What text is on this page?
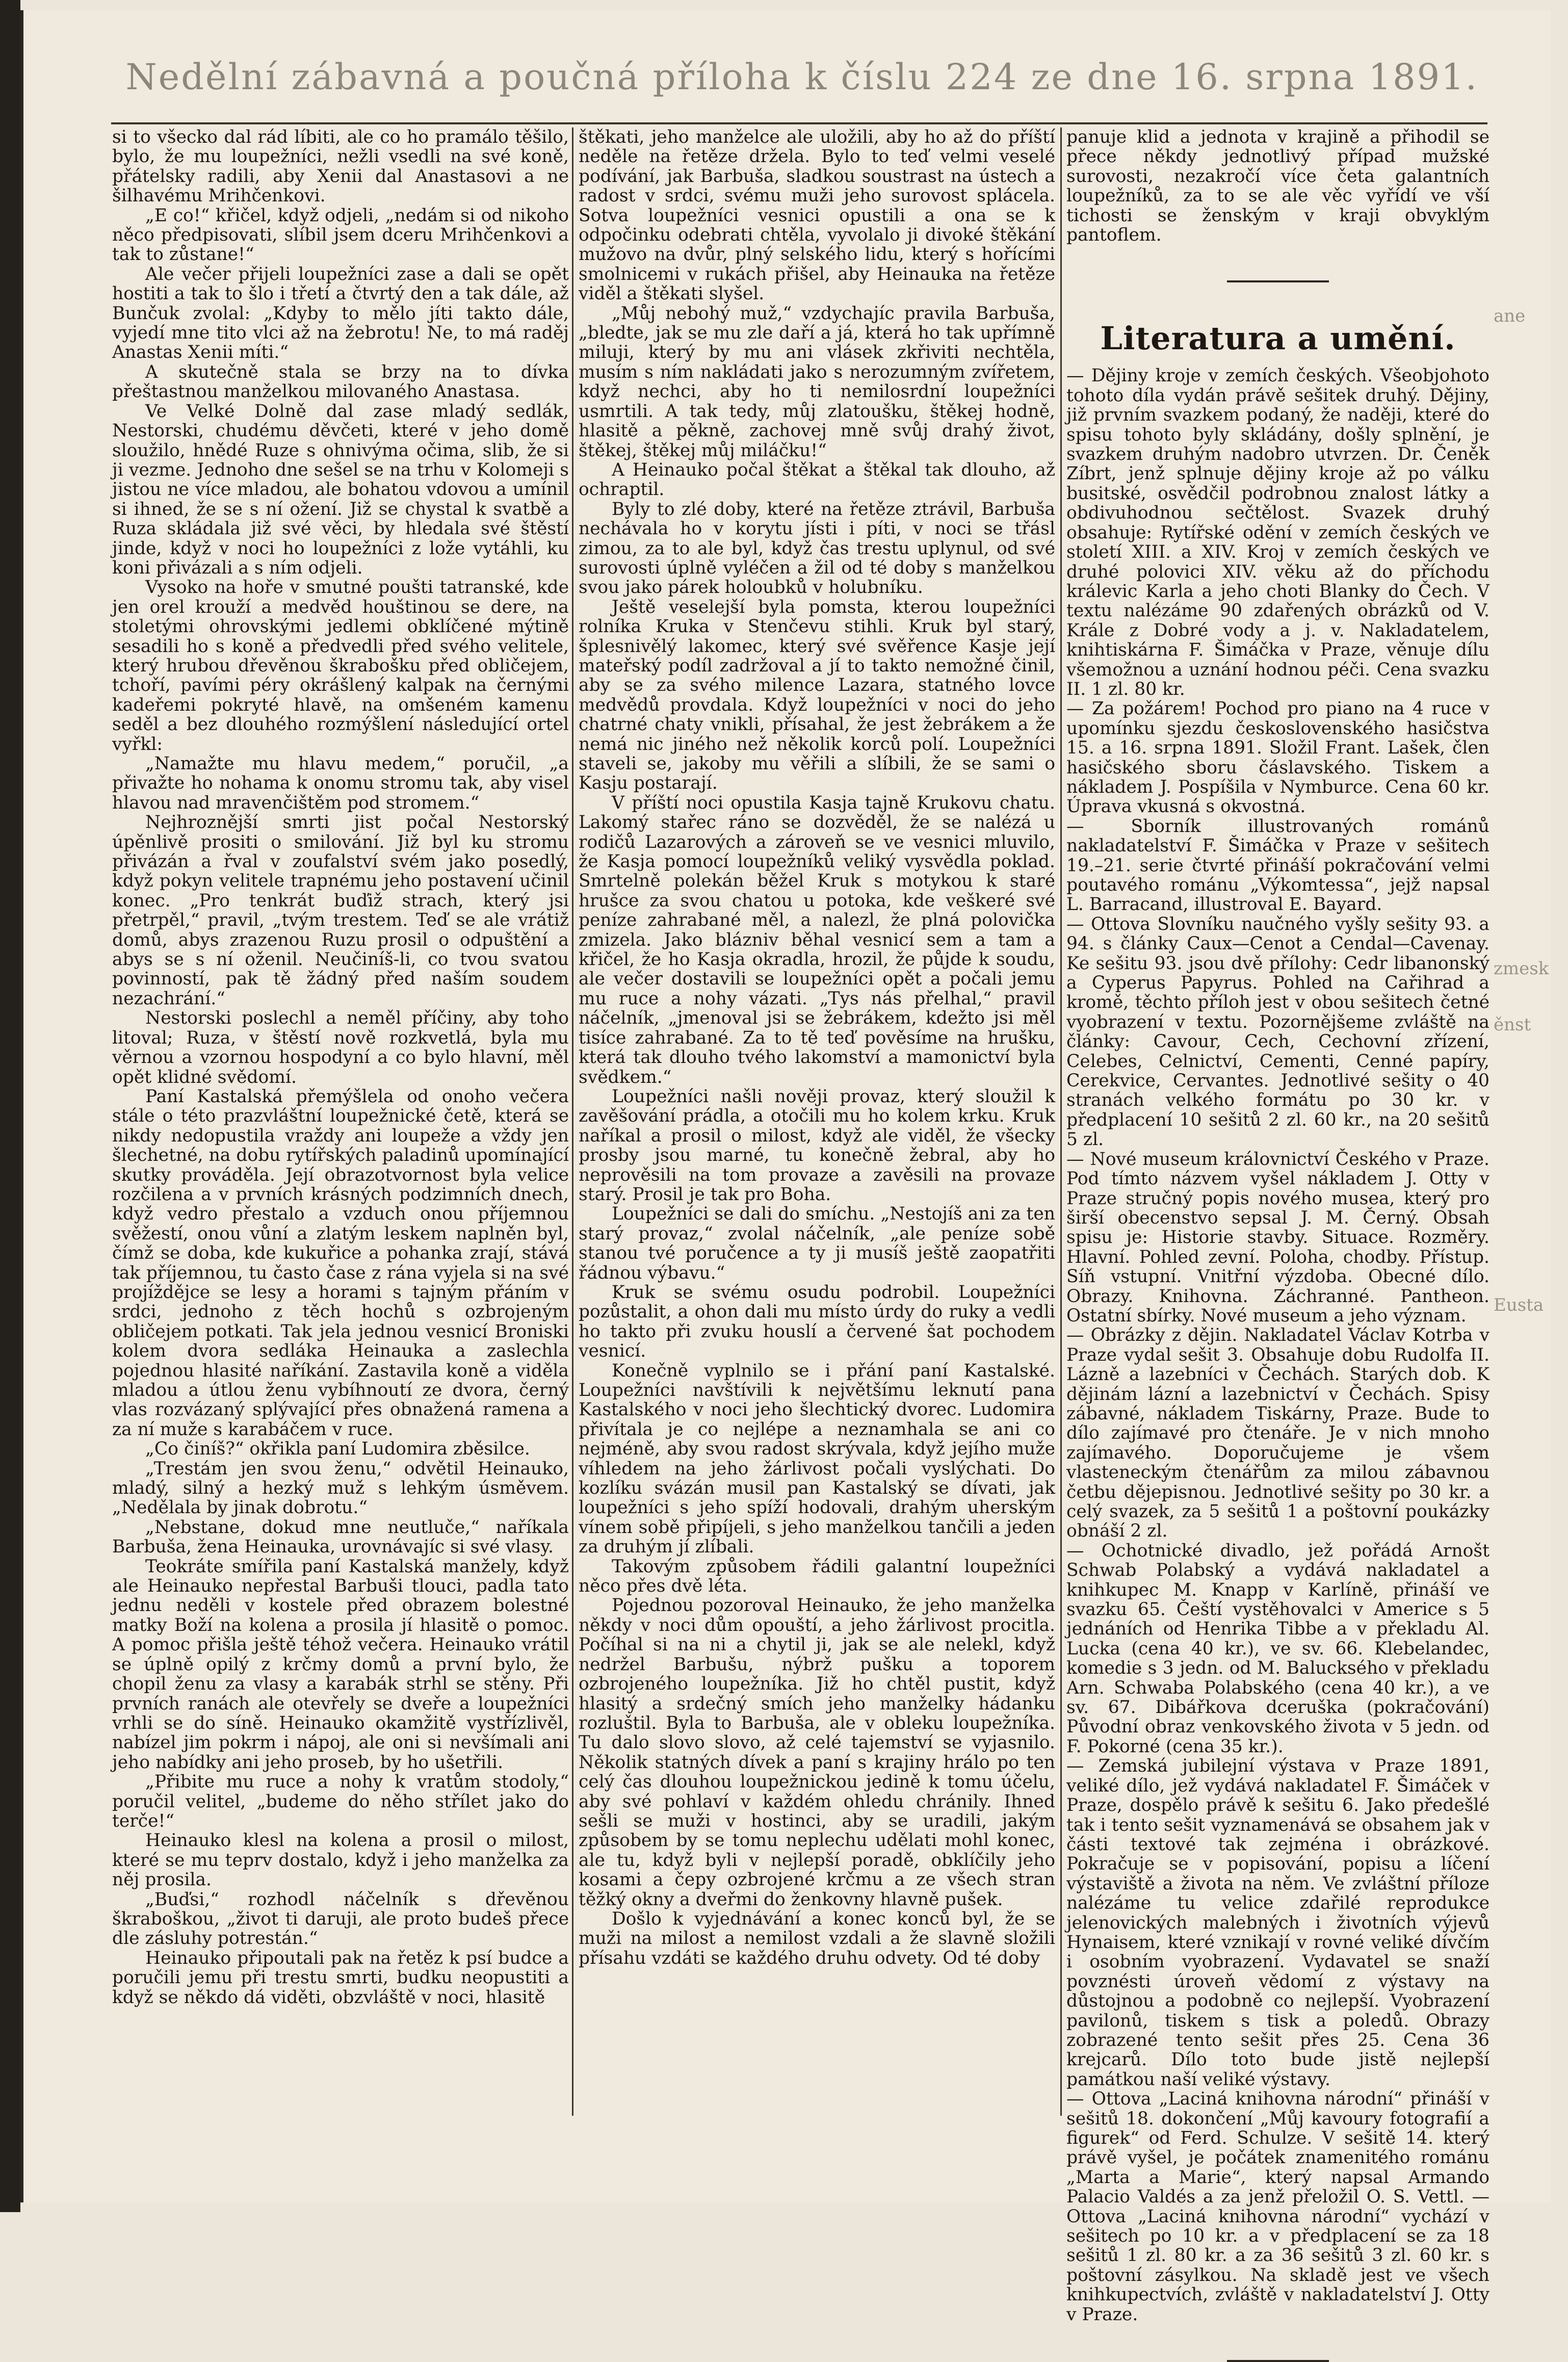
Nedělní zábavná a poučná příloha k číslu 224 ze dne 16. srpna 1891.

si to všecko dal rád líbiti, ale co ho pramálo těšilo, bylo, že mu loupežníci, nežli vsedli na své koně, přátelsky radili, aby Xenii dal Anastasovi a ne šilhavému Mrihčenkovi.

„E co!“ křičel, když odjeli, „nedám si od nikoho něco předpisovati, slíbil jsem dceru Mrihčenkovi a tak to zůstane!“

Ale večer přijeli loupežníci zase a dali se opět hostiti a tak to šlo i třetí a čtvrtý den a tak dále, až Bunčuk zvolal: „Kdyby to mělo jíti takto dále, vyjedí mne tito vlci až na žebrotu! Ne, to má raděj Anastas Xenii míti.“

A skutečně stala se brzy na to dívka přeštastnou manželkou milovaného Anastasa.

Ve Velké Dolně dal zase mladý sedlák, Nestorski, chudému děvčeti, které v jeho domě sloužilo, hnědé Ruze s ohnivýma očima, slib, že si ji vezme. Jednoho dne sešel se na trhu v Kolomeji s jistou ne více mladou, ale bohatou vdovou a umínil si ihned, že se s ní ožení. Již se chystal k svatbě a Ruza skládala již své věci, by hledala své štěstí jinde, když v noci ho loupežníci z lože vytáhli, ku koni přivázali a s ním odjeli.

Vysoko na hoře v smutné poušti tatranské, kde jen orel krouží a medvěd houštinou se dere, na stoletými ohrovskými jedlemi obklíčené mýtině sesadili ho s koně a předvedli před svého velitele, který hrubou dřevěnou škrabošku před obličejem, tchoří, pavími péry okrášlený kalpak na černými kadeřemi pokryté hlavě, na omšeném kamenu seděl a bez dlouhého rozmýšlení následující ortel vyřkl:

„Namažte mu hlavu medem,“ poručil, „a přivažte ho nohama k onomu stromu tak, aby visel hlavou nad mravenčištěm pod stromem.“

Nejhroznější smrti jist počal Nestorský úpěnlivě prositi o smilování. Již byl ku stromu přivázán a řval v zoufalství svém jako posedlý, když pokyn velitele trapnému jeho postavení učinil konec. „Pro tenkrát buďiž strach, který jsi přetrpěl,“ pravil, „tvým trestem. Teď se ale vrátiž domů, abys zrazenou Ruzu prosil o odpuštění a abys se s ní oženil. Neučiníš-li, co tvou svatou povinností, pak tě žádný před naším soudem nezachrání.“

Nestorski poslechl a neměl příčiny, aby toho litoval; Ruza, v štěstí nově rozkvetlá, byla mu věrnou a vzornou hospodyní a co bylo hlavní, měl opět klidné svědomí.

Paní Kastalská přemýšlela od onoho večera stále o této prazvláštní loupežnické četě, která se nikdy nedopustila vraždy ani loupeže a vždy jen šlechetné, na dobu rytířských paladinů upomínající skutky prováděla. Její obrazotvornost byla velice rozčilena a v prvních krásných podzimních dnech, když vedro přestalo a vzduch onou příjemnou svěžestí, onou vůní a zlatým leskem naplněn byl, čímž se doba, kde kukuřice a pohanka zrají, stává tak příjemnou, tu často čase z rána vyjela si na své projíždějce se lesy a horami s tajným přáním v srdci, jednoho z těch hochů s ozbrojeným obličejem potkati. Tak jela jednou vesnicí Broniski kolem dvora sedláka Heinauka a zaslechla pojednou hlasité naříkání. Zastavila koně a viděla mladou a útlou ženu vybíhnoutí ze dvora, černý vlas rozvázaný splývající přes obnažená ramena a za ní muže s karabáčem v ruce.

„Co činíš?“ okřikla paní Ludomira zběsilce.

„Trestám jen svou ženu,“ odvětil Heinauko, mladý, silný a hezký muž s lehkým úsměvem. „Nedělala by jinak dobrotu.“

„Nebstane, dokud mne neutluče,“ naříkala Barbuša, žena Heinauka, urovnávajíc si své vlasy.

Teokráte smířila paní Kastalská manžely, když ale Heinauko nepřestal Barbuši tlouci, padla tato jednu neděli v kostele před obrazem bolestné matky Boží na kolena a prosila jí hlasitě o pomoc. A pomoc přišla ještě téhož večera. Heinauko vrátil se úplně opilý z krčmy domů a první bylo, že chopil ženu za vlasy a karabák strhl se stěny. Při prvních ranách ale otevřely se dveře a loupežníci vrhli se do síně. Heinauko okamžitě vystřízlivěl, nabízel jim pokrm i nápoj, ale oni si nevšímali ani jeho nabídky ani jeho proseb, by ho ušetřili.

„Přibite mu ruce a nohy k vratům stodoly,“ poručil velitel, „budeme do něho střílet jako do terče!“

Heinauko klesl na kolena a prosil o milost, které se mu teprv dostalo, když i jeho manželka za něj prosila.

„Buďsi,“ rozhodl náčelník s dřevěnou škraboškou, „život ti daruji, ale proto budeš přece dle zásluhy potrestán.“

Heinauko připoutali pak na řetěz k psí budce a poručili jemu při trestu smrti, budku neopustiti a když se někdo dá viděti, obzvláště v noci, hlasitě

štěkati, jeho manželce ale uložili, aby ho až do příští neděle na řetěze držela. Bylo to teď velmi veselé podívání, jak Barbuša, sladkou soustrast na ústech a radost v srdci, svému muži jeho surovost splácela. Sotva loupežníci vesnici opustili a ona se k odpočinku odebrati chtěla, vyvolalo ji divoké štěkání mužovo na dvůr, plný selského lidu, který s hořícími smolnicemi v rukách přišel, aby Heinauka na řetěze viděl a štěkati slyšel.

„Můj nebohý muž,“ vzdychajíc pravila Barbuša, „bledte, jak se mu zle daří a já, která ho tak upřímně miluji, který by mu ani vlásek zkřiviti nechtěla, musím s ním nakládati jako s nerozumným zvířetem, když nechci, aby ho ti nemilosrdní loupežníci usmrtili. A tak tedy, můj zlatoušku, štěkej hodně, hlasitě a pěkně, zachovej mně svůj drahý život, štěkej, štěkej můj miláčku!“

A Heinauko počal štěkat a štěkal tak dlouho, až ochraptil.

Byly to zlé doby, které na řetěze ztrávil, Barbuša nechávala ho v korytu jísti i píti, v noci se třásl zimou, za to ale byl, když čas trestu uplynul, od své surovosti úplně vyléčen a žil od té doby s manželkou svou jako párek holoubků v holubníku.

Ještě veselejší byla pomsta, kterou loupežníci rolníka Kruka v Stenčevu stihli. Kruk byl starý, šplesnivělý lakomec, který své svěřence Kasje její mateřský podíl zadržoval a jí to takto nemožné činil, aby se za svého milence Lazara, statného lovce medvědů provdala. Když loupežníci v noci do jeho chatrné chaty vnikli, přísahal, že jest žebrákem a že nemá nic jiného než několik korců polí. Loupežníci staveli se, jakoby mu věřili a slíbili, že se sami o Kasju postarají.

V příští noci opustila Kasja tajně Krukovu chatu. Lakomý stařec ráno se dozvěděl, že se nalézá u rodičů Lazarových a zároveň se ve vesnici mluvilo, že Kasja pomocí loupežníků veliký vysvědla poklad. Smrtelně polekán běžel Kruk s motykou k staré hrušce za svou chatou u potoka, kde veškeré své peníze zahrabané měl, a nalezl, že plná polovička zmizela. Jako blázniv běhal vesnicí sem a tam a křičel, že ho Kasja okradla, hrozil, že půjde k soudu, ale večer dostavili se loupežníci opět a počali jemu mu ruce a nohy vázati. „Tys nás přelhal,“ pravil náčelník, „jmenoval jsi se žebrákem, kdežto jsi měl tisíce zahrabané. Za to tě teď pověsíme na hrušku, která tak dlouho tvého lakomství a mamonictví byla svědkem.“

Loupežníci našli nověji provaz, který sloužil k zavěšování prádla, a otočili mu ho kolem krku. Kruk naříkal a prosil o milost, když ale viděl, že všecky prosby jsou marné, tu konečně žebral, aby ho neprověsili na tom provaze a zavěsili na provaze starý. Prosil je tak pro Boha.

Loupežníci se dali do smíchu. „Nestojíš ani za ten starý provaz,“ zvolal náčelník, „ale peníze sobě stanou tvé poručence a ty ji musíš ještě zaopatřiti řádnou výbavu.“

Kruk se svému osudu podrobil. Loupežníci pozůstalit, a ohon dali mu místo úrdy do ruky a vedli ho takto při zvuku houslí a červené šat pochodem vesnicí.

Konečně vyplnilo se i přání paní Kastalské. Loupežníci navštívili k největšímu leknutí pana Kastalského v noci jeho šlechtický dvorec. Ludomira přivítala je co nejlépe a neznamhala se ani co nejméně, aby svou radost skrývala, když jejího muže víhledem na jeho žárlivost počali vyslýchati. Do kozlíku svázán musil pan Kastalský se dívati, jak loupežníci s jeho spíží hodovali, drahým uherským vínem sobě připíjeli, s jeho manželkou tančili a jeden za druhým jí zlíbali.

Takovým způsobem řádili galantní loupežníci něco přes dvě léta.

Pojednou pozoroval Heinauko, že jeho manželka někdy v noci dům opouští, a jeho žárlivost procitla. Počíhal si na ni a chytil ji, jak se ale nelekl, když nedržel Barbušu, nýbrž pušku a toporem ozbrojeného loupežníka. Již ho chtěl pustit, když hlasitý a srdečný smích jeho manželky hádanku rozluštil. Byla to Barbuša, ale v obleku loupežníka. Tu dalo slovo slovo, až celé tajemství se vyjasnilo. Několik statných dívek a paní s krajiny hrálo po ten celý čas dlouhou loupežnickou jedině k tomu účelu, aby své pohlaví v každém ohledu chránily. Ihned sešli se muži v hostinci, aby se uradili, jakým způsobem by se tomu neplechu udělati mohl konec, ale tu, když byli v nejlepší poradě, obklíčily jeho kosami a čepy ozbrojené krčmu a ze všech stran těžký okny a dveřmi do ženkovny hlavně pušek.

Došlo k vyjednávání a konec konců byl, že se muži na milost a nemilost vzdali a že slavně složili přísahu vzdáti se každého druhu odvety. Od té doby

panuje klid a jednota v krajině a přihodil se přece někdy jednotlivý případ mužské surovosti, nezakročí více četa galantních loupežníků, za to se ale věc vyřídí ve vší tichosti se ženským v kraji obvyklým pantoflem.

Literatura a umění.

— Dějiny kroje v zemích českých. Všeobjohoto tohoto díla vydán právě sešitek druhý. Dějiny, již prvním svazkem podaný, že naději, které do spisu tohoto byly skládány, došly splnění, je svazkem druhým nadobro utvrzen. Dr. Čeněk Zíbrt, jenž splnuje dějiny kroje až po válku busitské, osvědčil podrobnou znalost látky a obdivuhodnou sečtělost. Svazek druhý obsahuje: Rytířské odění v zemích českých ve století XIII. a XIV. Kroj v zemích českých ve druhé polovici XIV. věku až do příchodu králevic Karla a jeho choti Blanky do Čech. V textu nalézáme 90 zdařených obrázků od V. Krále z Dobré vody a j. v. Nakladatelem, knihtiskárna F. Šimáčka v Praze, věnuje dílu všemožnou a uznání hodnou péči. Cena svazku II. 1 zl. 80 kr.

— Za požárem! Pochod pro piano na 4 ruce v upomínku sjezdu československého hasičstva 15. a 16. srpna 1891. Složil Frant. Lašek, člen hasičského sboru čáslavského. Tiskem a nákladem J. Pospíšila v Nymburce. Cena 60 kr. Úprava vkusná s okvostná.

— Sborník illustrovaných románů nakladatelství F. Šimáčka v Praze v sešitech 19.–21. serie čtvrté přináší pokračování velmi poutavého románu „Výkomtessa“, jejž napsal L. Barracand, illustroval E. Bayard.

— Ottova Slovníku naučného vyšly sešity 93. a 94. s články Caux—Cenot a Cendal—Cavenay. Ke sešitu 93. jsou dvě přílohy: Cedr libanonský a Cyperus Papyrus. Pohled na Cařihrad a kromě, těchto příloh jest v obou sešitech četné vyobrazení v textu. Pozornějšeme zvláště na články: Cavour, Cech, Cechovní zřízení, Celebes, Celnictví, Cementi, Cenné papíry, Cerekvice, Cervantes. Jednotlivé sešity o 40 stranách velkého formátu po 30 kr. v předplacení 10 sešitů 2 zl. 60 kr., na 20 sešitů 5 zl.

— Nové museum královnictví Českého v Praze. Pod tímto názvem vyšel nákladem J. Otty v Praze stručný popis nového musea, který pro širší obecenstvo sepsal J. M. Černý. Obsah spisu je: Historie stavby. Situace. Rozměry. Hlavní. Pohled zevní. Poloha, chodby. Přístup. Síň vstupní. Vnitřní výzdoba. Obecné dílo. Obrazy. Knihovna. Záchranné. Pantheon. Ostatní sbírky. Nové museum a jeho význam.

— Obrázky z dějin. Nakladatel Václav Kotrba v Praze vydal sešit 3. Obsahuje dobu Rudolfa II. Lázně a lazebníci v Čechách. Starých dob. K dějinám lázní a lazebnictví v Čechách. Spisy zábavné, nákladem Tiskárny, Praze. Bude to dílo zajímavé pro čtenáře. Je v nich mnoho zajímavého. Doporučujeme je všem vlasteneckým čtenářům za milou zábavnou četbu dějepisnou. Jednotlivé sešity po 30 kr. a celý svazek, za 5 sešitů 1 a poštovní poukázky obnáší 2 zl.

— Ochotnické divadlo, jež pořádá Arnošt Schwab Polabský a vydává nakladatel a knihkupec M. Knapp v Karlíně, přináší ve svazku 65. Čeští vystěhovalci v Americe s 5 jednáních od Henrika Tibbe a v překladu Al. Lucka (cena 40 kr.), ve sv. 66. Klebelandec, komedie s 3 jedn. od M. Balucksého v překladu Arn. Schwaba Polabského (cena 40 kr.), a ve sv. 67. Dibářkova dceruška (pokračování) Původní obraz venkovského života v 5 jedn. od F. Pokorné (cena 35 kr.).

— Zemská jubilejní výstava v Praze 1891, veliké dílo, jež vydává nakladatel F. Šimáček v Praze, dospělo právě k sešitu 6. Jako předešlé tak i tento sešit vyznamenává se obsahem jak v části textové tak zejména i obrázkové. Pokračuje se v popisování, popisu a líčení výstaviště a života na něm. Ve zvláštní příloze nalézáme tu velice zdařilé reprodukce jelenovických malebných i životních výjevů Hynaisem, které vznikají v rovné veliké dívčím i osobním vyobrazení. Vydavatel se snaží povznésti úroveň vědomí z výstavy na důstojnou a podobně co nejlepší. Vyobrazení pavilonů, tiskem s tisk a poledů. Obrazy zobrazené tento sešit přes 25. Cena 36 krejcarů. Dílo toto bude jistě nejlepší památkou naší veliké výstavy.

— Ottova „Laciná knihovna národní“ přináší v sešitů 18. dokončení „Můj kavoury fotografií a figurek“ od Ferd. Schulze. V sešitě 14. který právě vyšel, je počátek znamenitého románu „Marta a Marie“, který napsal Armando Palacio Valdés a za jenž přeložil O. S. Vettl. — Ottova „Laciná knihovna národní“ vychází v sešitech po 10 kr. a v předplacení se za 18 sešitů 1 zl. 80 kr. a za 36 sešitů 3 zl. 60 kr. s poštovní zásylkou. Na skladě jest ve všech knihkupectvích, zvláště v nakladatelství J. Otty v Praze.

ane
zmesk
ěnst
Eusta
